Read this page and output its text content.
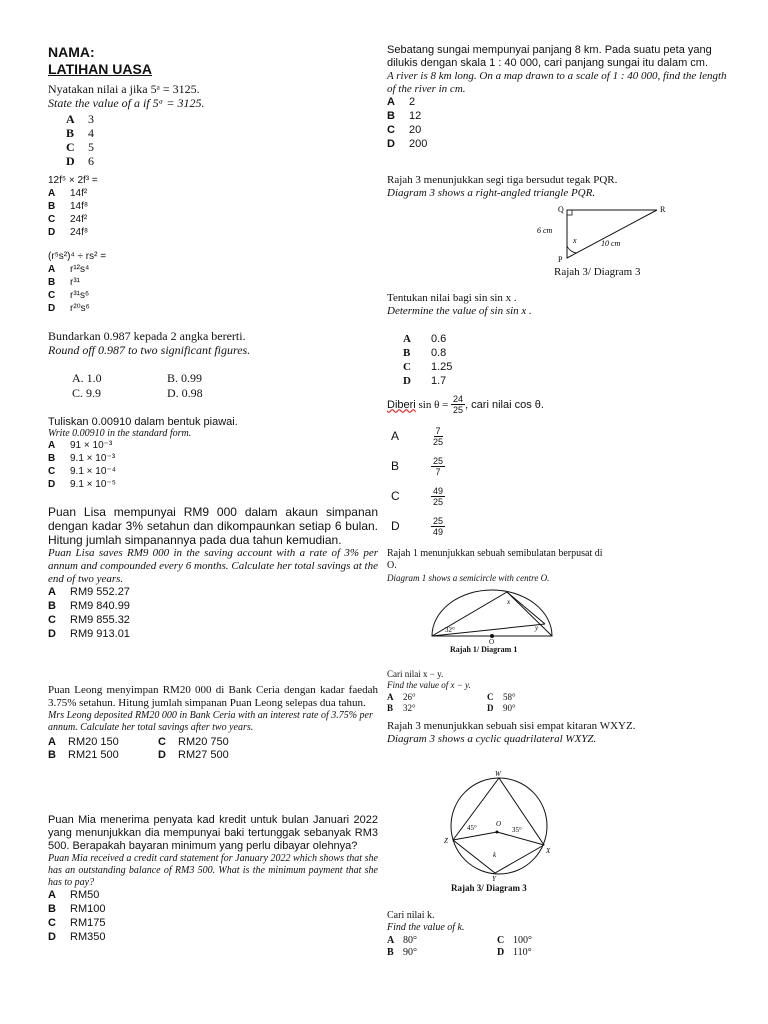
NAMA:
LATIHAN UASA
Nyatakan nilai a jika 5ᵃ = 3125.
State the value of a if 5ᵃ = 3125.
A	3
B	4
C	5
D	6
12f⁵ × 2f³ =
A	14f²
B	14f⁸
C	24f²
D	24f⁸
(r⁵s²)⁴ ÷ rs² =
A	r¹²s⁴
B	r³¹
C	r³¹s⁶
D	r²⁰s⁶
Bundarkan 0.987 kepada 2 angka bererti.
Round off 0.987 to two significant figures.
A. 1.0	B. 0.99
C. 9.9	D. 0.98
Tuliskan 0.00910 dalam bentuk piawai.
Write 0.00910 in the standard form.
A	91 × 10⁻³
B	9.1 × 10⁻³
C	9.1 × 10⁻⁴
D	9.1 × 10⁻⁵
Puan Lisa mempunyai RM9 000 dalam akaun simpanan dengan kadar 3% setahun dan dikompaunkan setiap 6 bulan. Hitung jumlah simpanannya pada dua tahun kemudian.
Puan Lisa saves RM9 000 in the saving account with a rate of 3% per annum and compounded every 6 months. Calculate her total savings at the end of two years.
A	RM9 552.27
B	RM9 840.99
C	RM9 855.32
D	RM9 913.01
Puan Leong menyimpan RM20 000 di Bank Ceria dengan kadar faedah 3.75% setahun. Hitung jumlah simpanan Puan Leong selepas dua tahun.
Mrs Leong deposited RM20 000 in Bank Ceria with an interest rate of 3.75% per annum. Calculate her total savings after two years.
A	RM20 150	C	RM20 750
B	RM21 500	D	RM27 500
Puan Mia menerima penyata kad kredit untuk bulan Januari 2022 yang menunjukkan dia mempunyai baki tertunggak sebanyak RM3 500. Berapakah bayaran minimum yang perlu dibayar olehnya?
Puan Mia received a credit card statement for January 2022 which shows that she has an outstanding balance of RM3 500. What is the minimum payment that she has to pay?
A	RM50
B	RM100
C	RM175
D	RM350
Sebatang sungai mempunyai panjang 8 km. Pada suatu peta yang dilukis dengan skala 1 : 40 000, cari panjang sungai itu dalam cm.
A river is 8 km long. On a map drawn to a scale of 1 : 40 000, find the length of the river in cm.
A	2
B	12
C	20
D	200
Rajah 3 menunjukkan segi tiga bersudut tegak PQR.
Diagram 3 shows a right-angled triangle PQR.
Q	R
P
x
6 cm
10 cm
Rajah 3/ Diagram 3
Tentukan nilai bagi sin sin x .
Determine the value of sin sin x .
A	0.6
B	0.8
C	1.25
D	1.7
Diberi $\sin \theta = \frac{24}{25}$ , cari nilai cos θ.
A	$\frac{7}{25}$
B	$\frac{25}{7}$
C	$\frac{49}{25}$
D	$\frac{25}{49}$
Rajah 1 menunjukkan sebuah semibulatan berpusat di O.
Diagram 1 shows a semicircle with centre O.
O
32°
x
y
Rajah 1/ Diagram 1
Cari nilai x − y.
Find the value of x − y.
A	26°	C	58°
B	32°	D	90°
Rajah 3 menunjukkan sebuah sisi empat kitaran WXYZ.
Diagram 3 shows a cyclic quadrilateral WXYZ.
W
X
Y
Z
O
k
45°	35°
Rajah 3/ Diagram 3
Cari nilai k.
Find the value of k.
A 80°	C 100°
B 90°	D 110°
